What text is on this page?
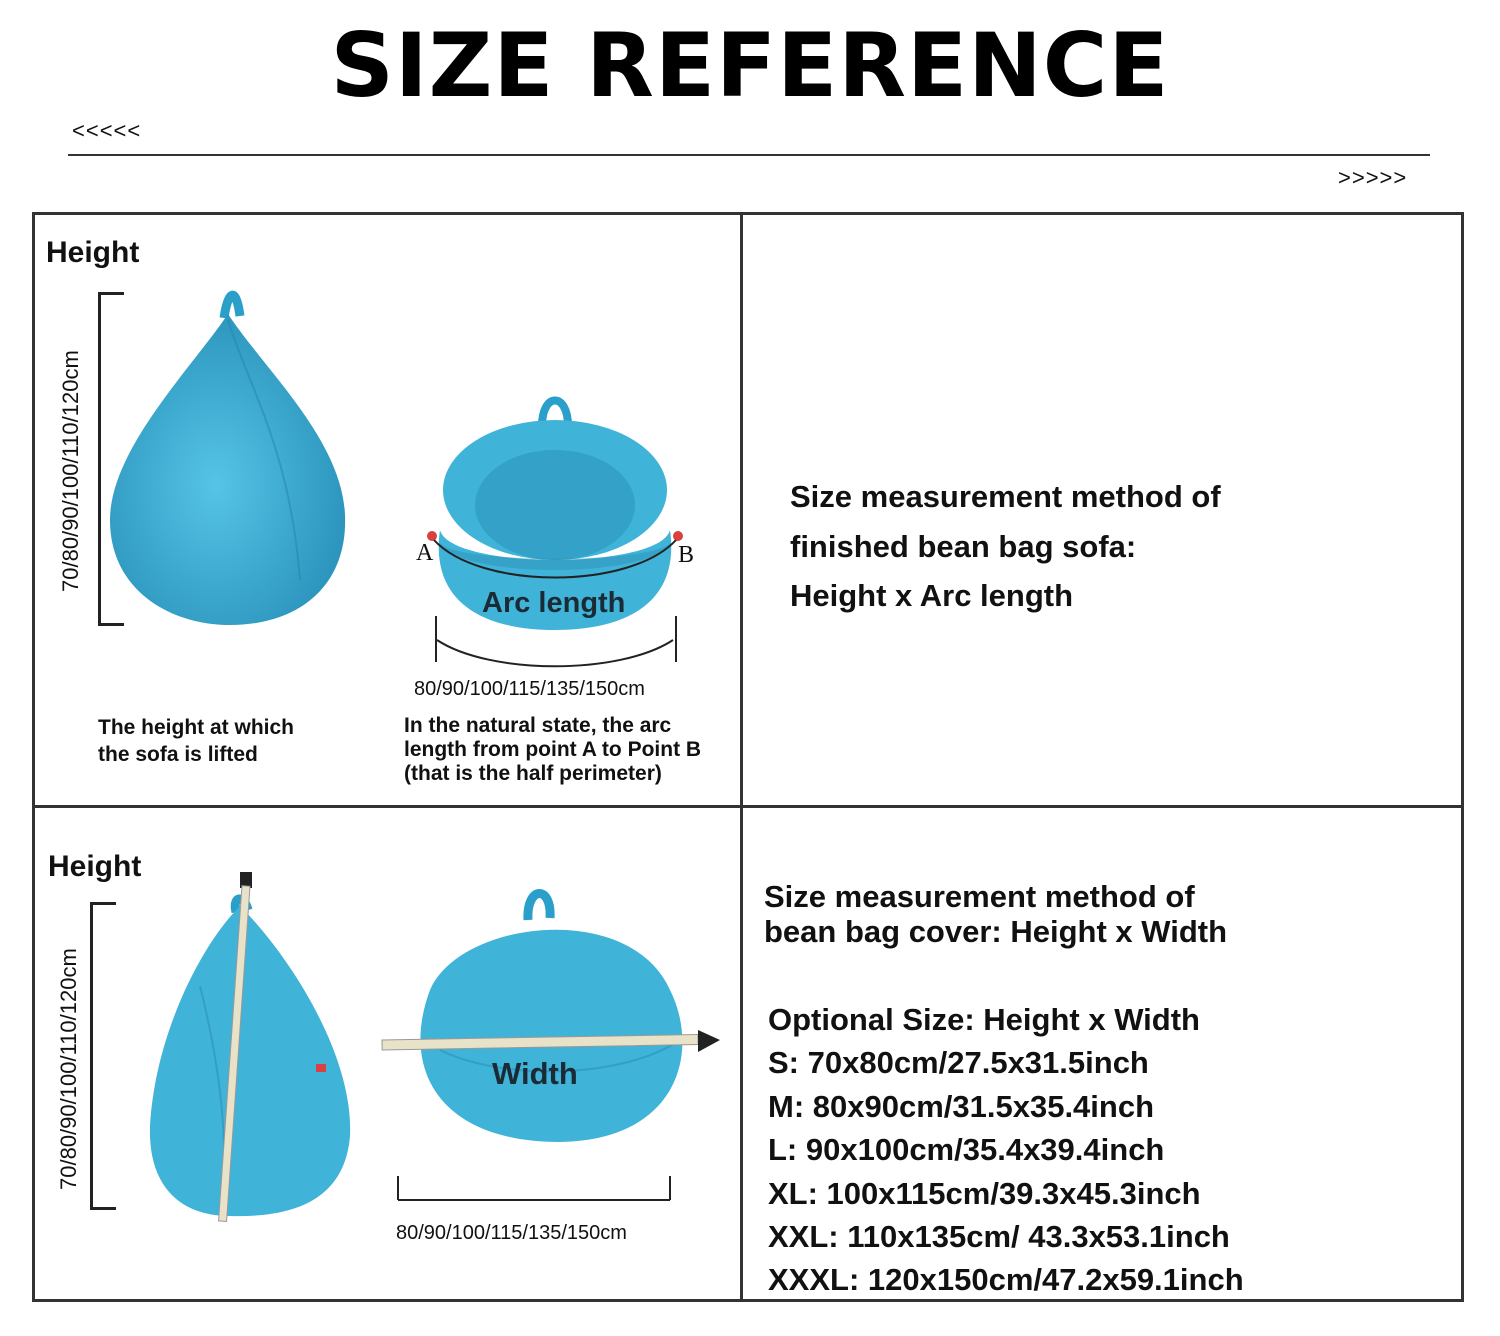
SIZE REFERENCE
<<<<<
>>>>>
Height
70/80/90/100/110/120cm	A	B
Arc length
80/90/100/115/135/150cm
The height at which
the sofa is lifted
In the natural state, the arc
length from point A to Point B
(that is the half perimeter)
Size measurement method of
finished bean bag sofa:
Height x Arc length
Height
70/80/90/100/110/120cm	Width
80/90/100/115/135/150cm
Size measurement method of
bean bag cover: Height x Width
Optional Size: Height x Width
S: 70x80cm/27.5x31.5inch
M: 80x90cm/31.5x35.4inch
L: 90x100cm/35.4x39.4inch
XL: 100x115cm/39.3x45.3inch
XXL: 110x135cm/ 43.3x53.1inch
XXXL: 120x150cm/47.2x59.1inch
